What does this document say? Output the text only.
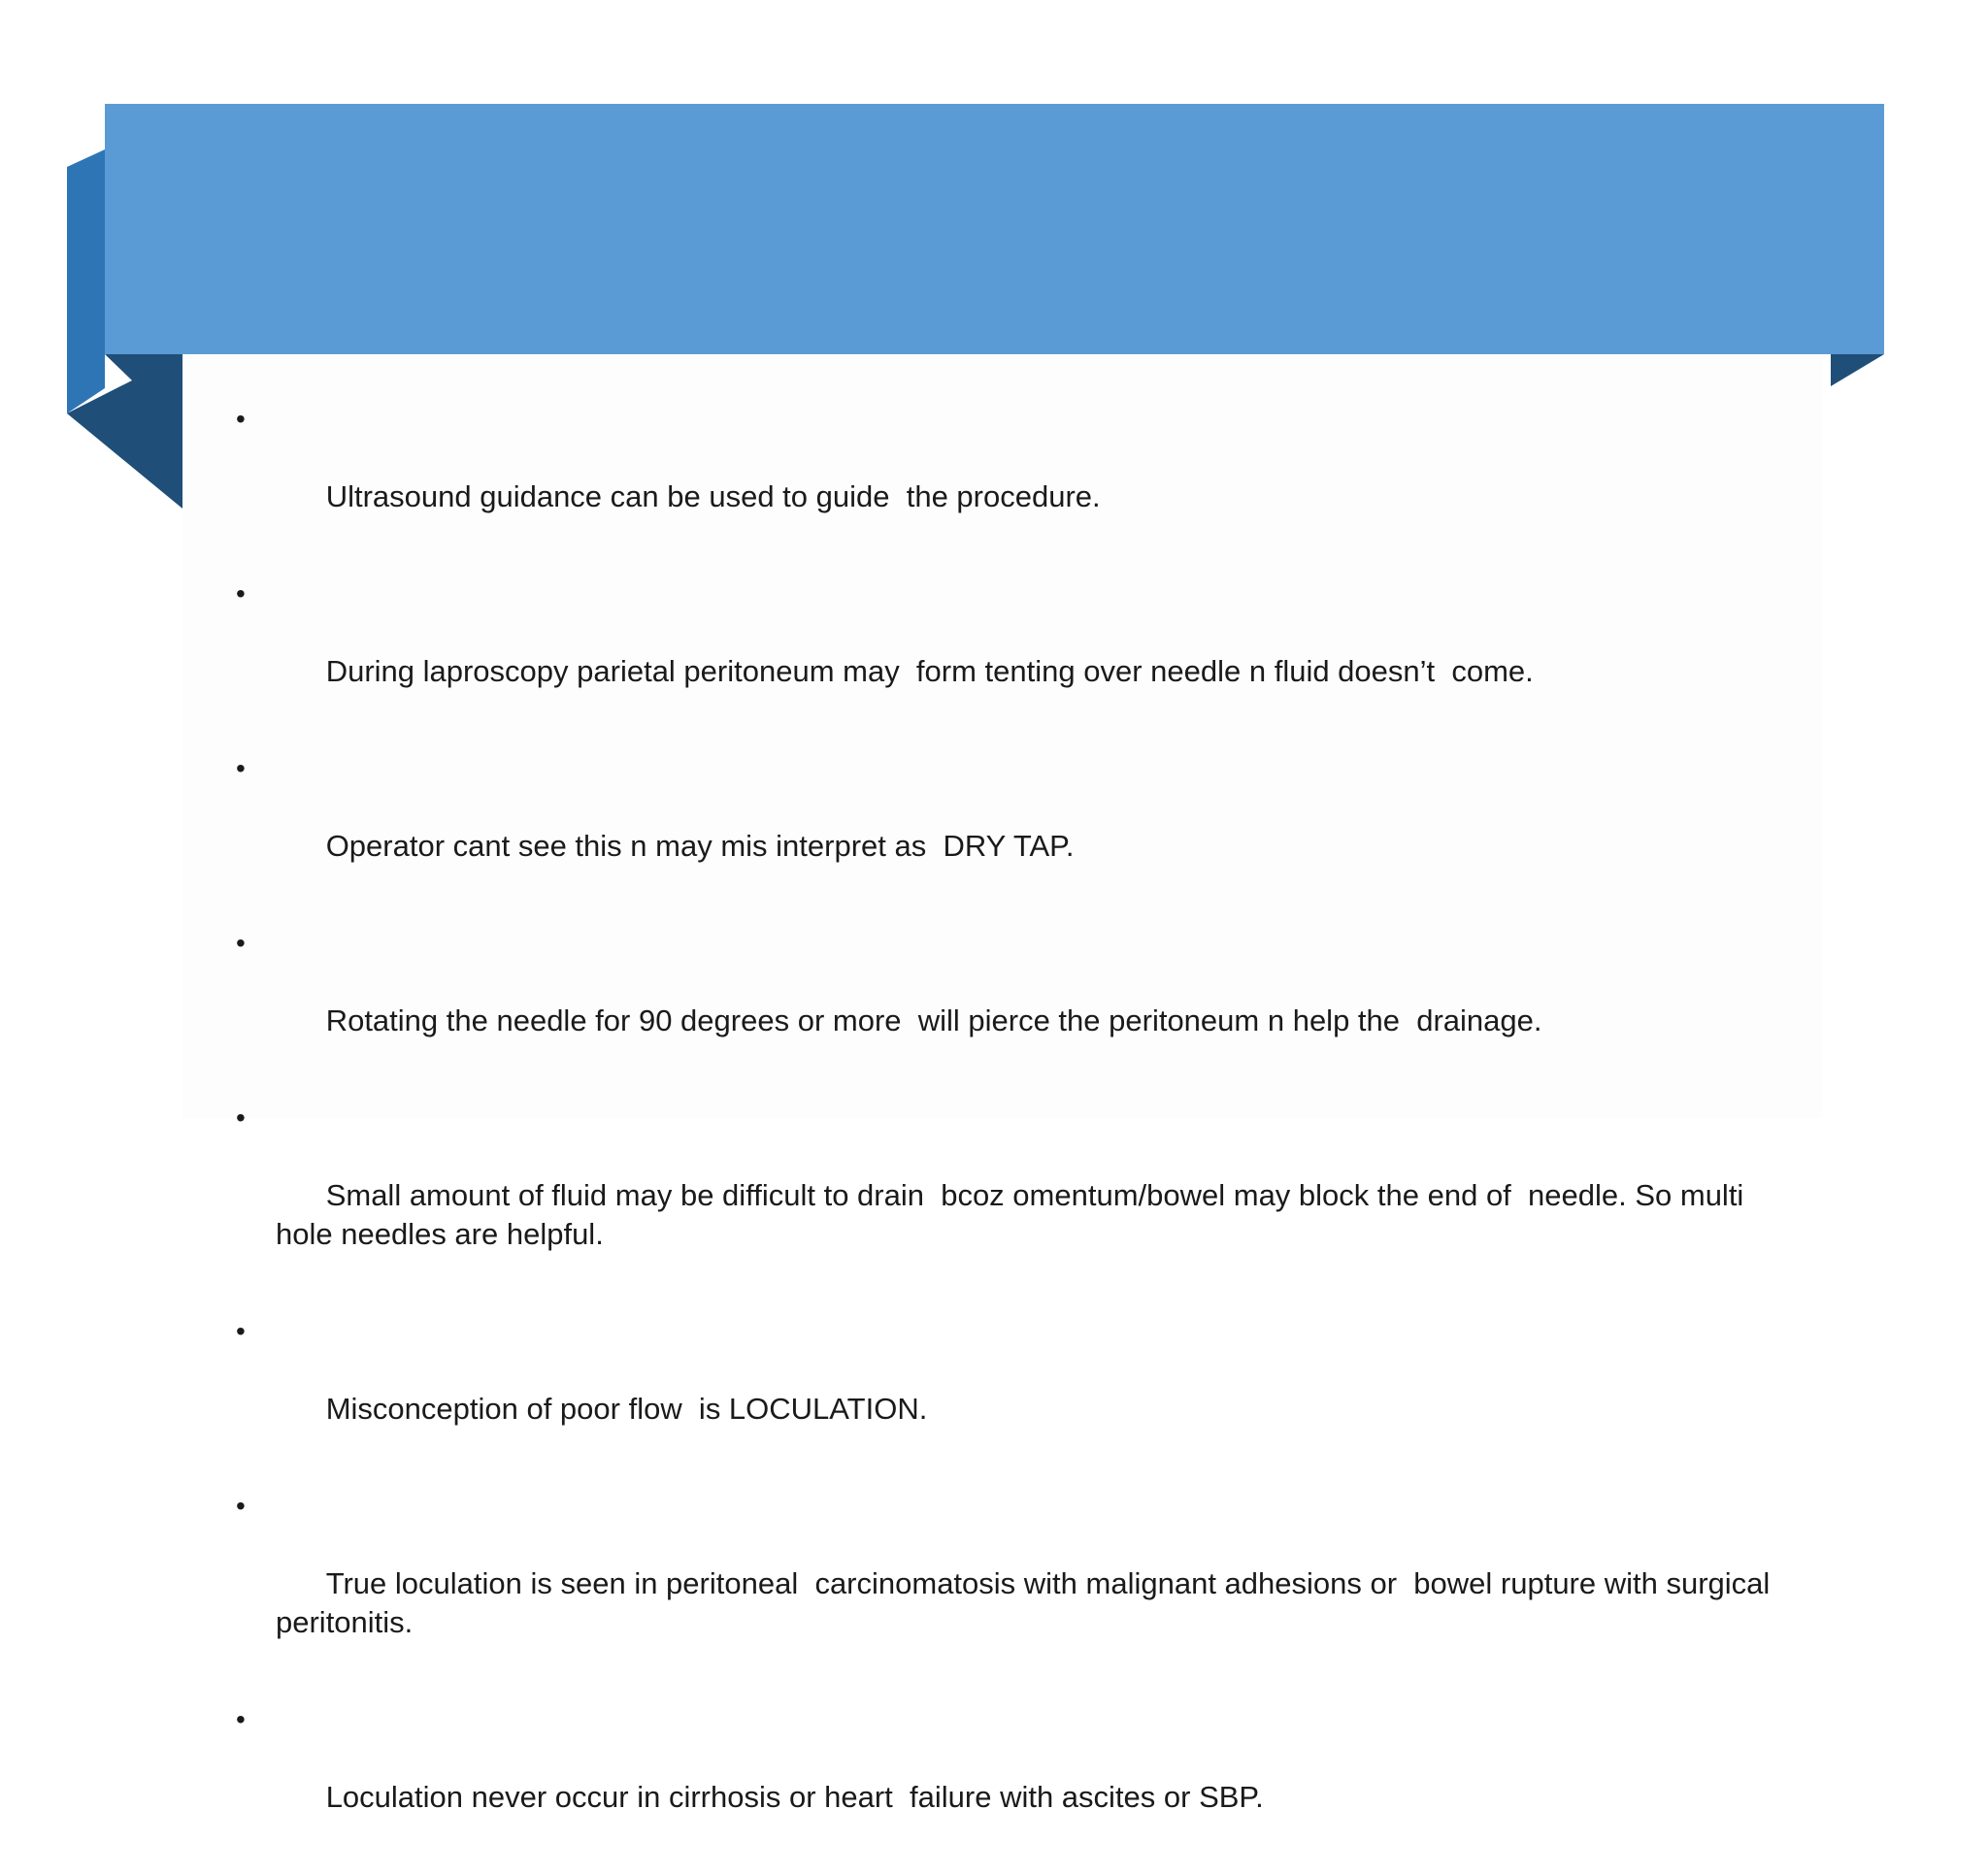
•

Ultrasound guidance can be used to guide  the procedure.

•

During laproscopy parietal peritoneum may  form tenting over needle n fluid doesn’t  come.

•

Operator cant see this n may mis interpret as  DRY TAP.

•

Rotating the needle for 90 degrees or more  will pierce the peritoneum n help the  drainage.

•

Small amount of fluid may be difficult to drain  bcoz omentum/bowel may block the end of  needle. So multi hole needles are helpful.

•

Misconception of poor flow  is LOCULATION.

•

True loculation is seen in peritoneal  carcinomatosis with malignant adhesions or  bowel rupture with surgical peritonitis.

•

Loculation never occur in cirrhosis or heart  failure with ascites or SBP.
